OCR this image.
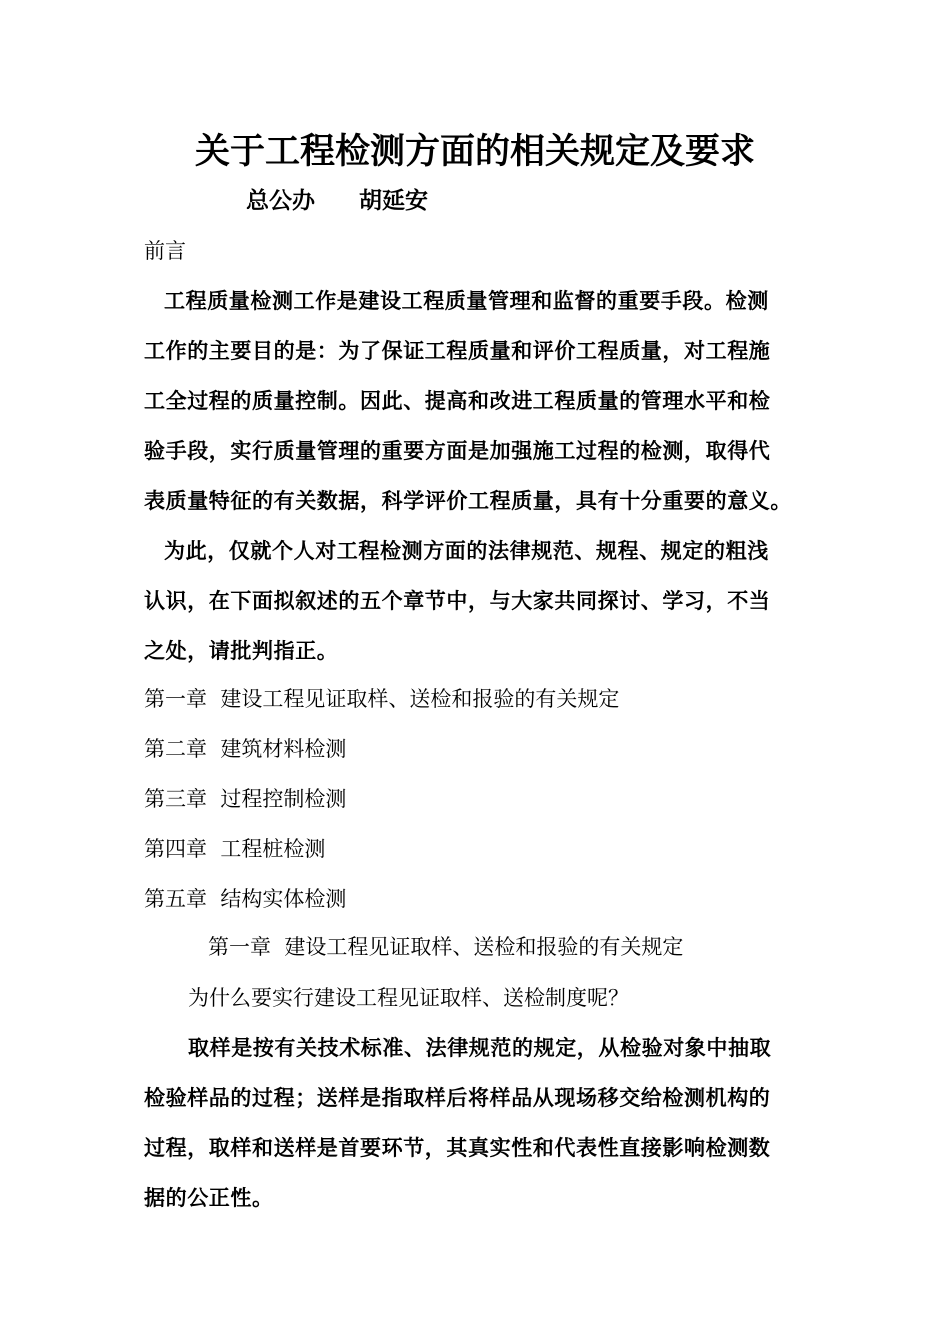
关于工程检测方面的相关规定及要求
总公办 胡延安
前言
工程质量检测工作是建设工程质量管理和监督的重要手段。检测
工作的主要目的是：为了保证工程质量和评价工程质量，对工程施
工全过程的质量控制。因此、提高和改进工程质量的管理水平和检
验手段，实行质量管理的重要方面是加强施工过程的检测，取得代
表质量特征的有关数据，科学评价工程质量，具有十分重要的意义。
为此，仅就个人对工程检测方面的法律规范、规程、规定的粗浅
认识，在下面拟叙述的五个章节中，与大家共同探讨、学习，不当
之处，请批判指正。
第一章  建设工程见证取样、送检和报验的有关规定
第二章  建筑材料检测
第三章  过程控制检测
第四章  工程桩检测
第五章  结构实体检测
第一章  建设工程见证取样、送检和报验的有关规定
为什么要实行建设工程见证取样、送检制度呢？
取样是按有关技术标准、法律规范的规定，从检验对象中抽取
检验样品的过程；送样是指取样后将样品从现场移交给检测机构的
过程，取样和送样是首要环节，其真实性和代表性直接影响检测数
据的公正性。
